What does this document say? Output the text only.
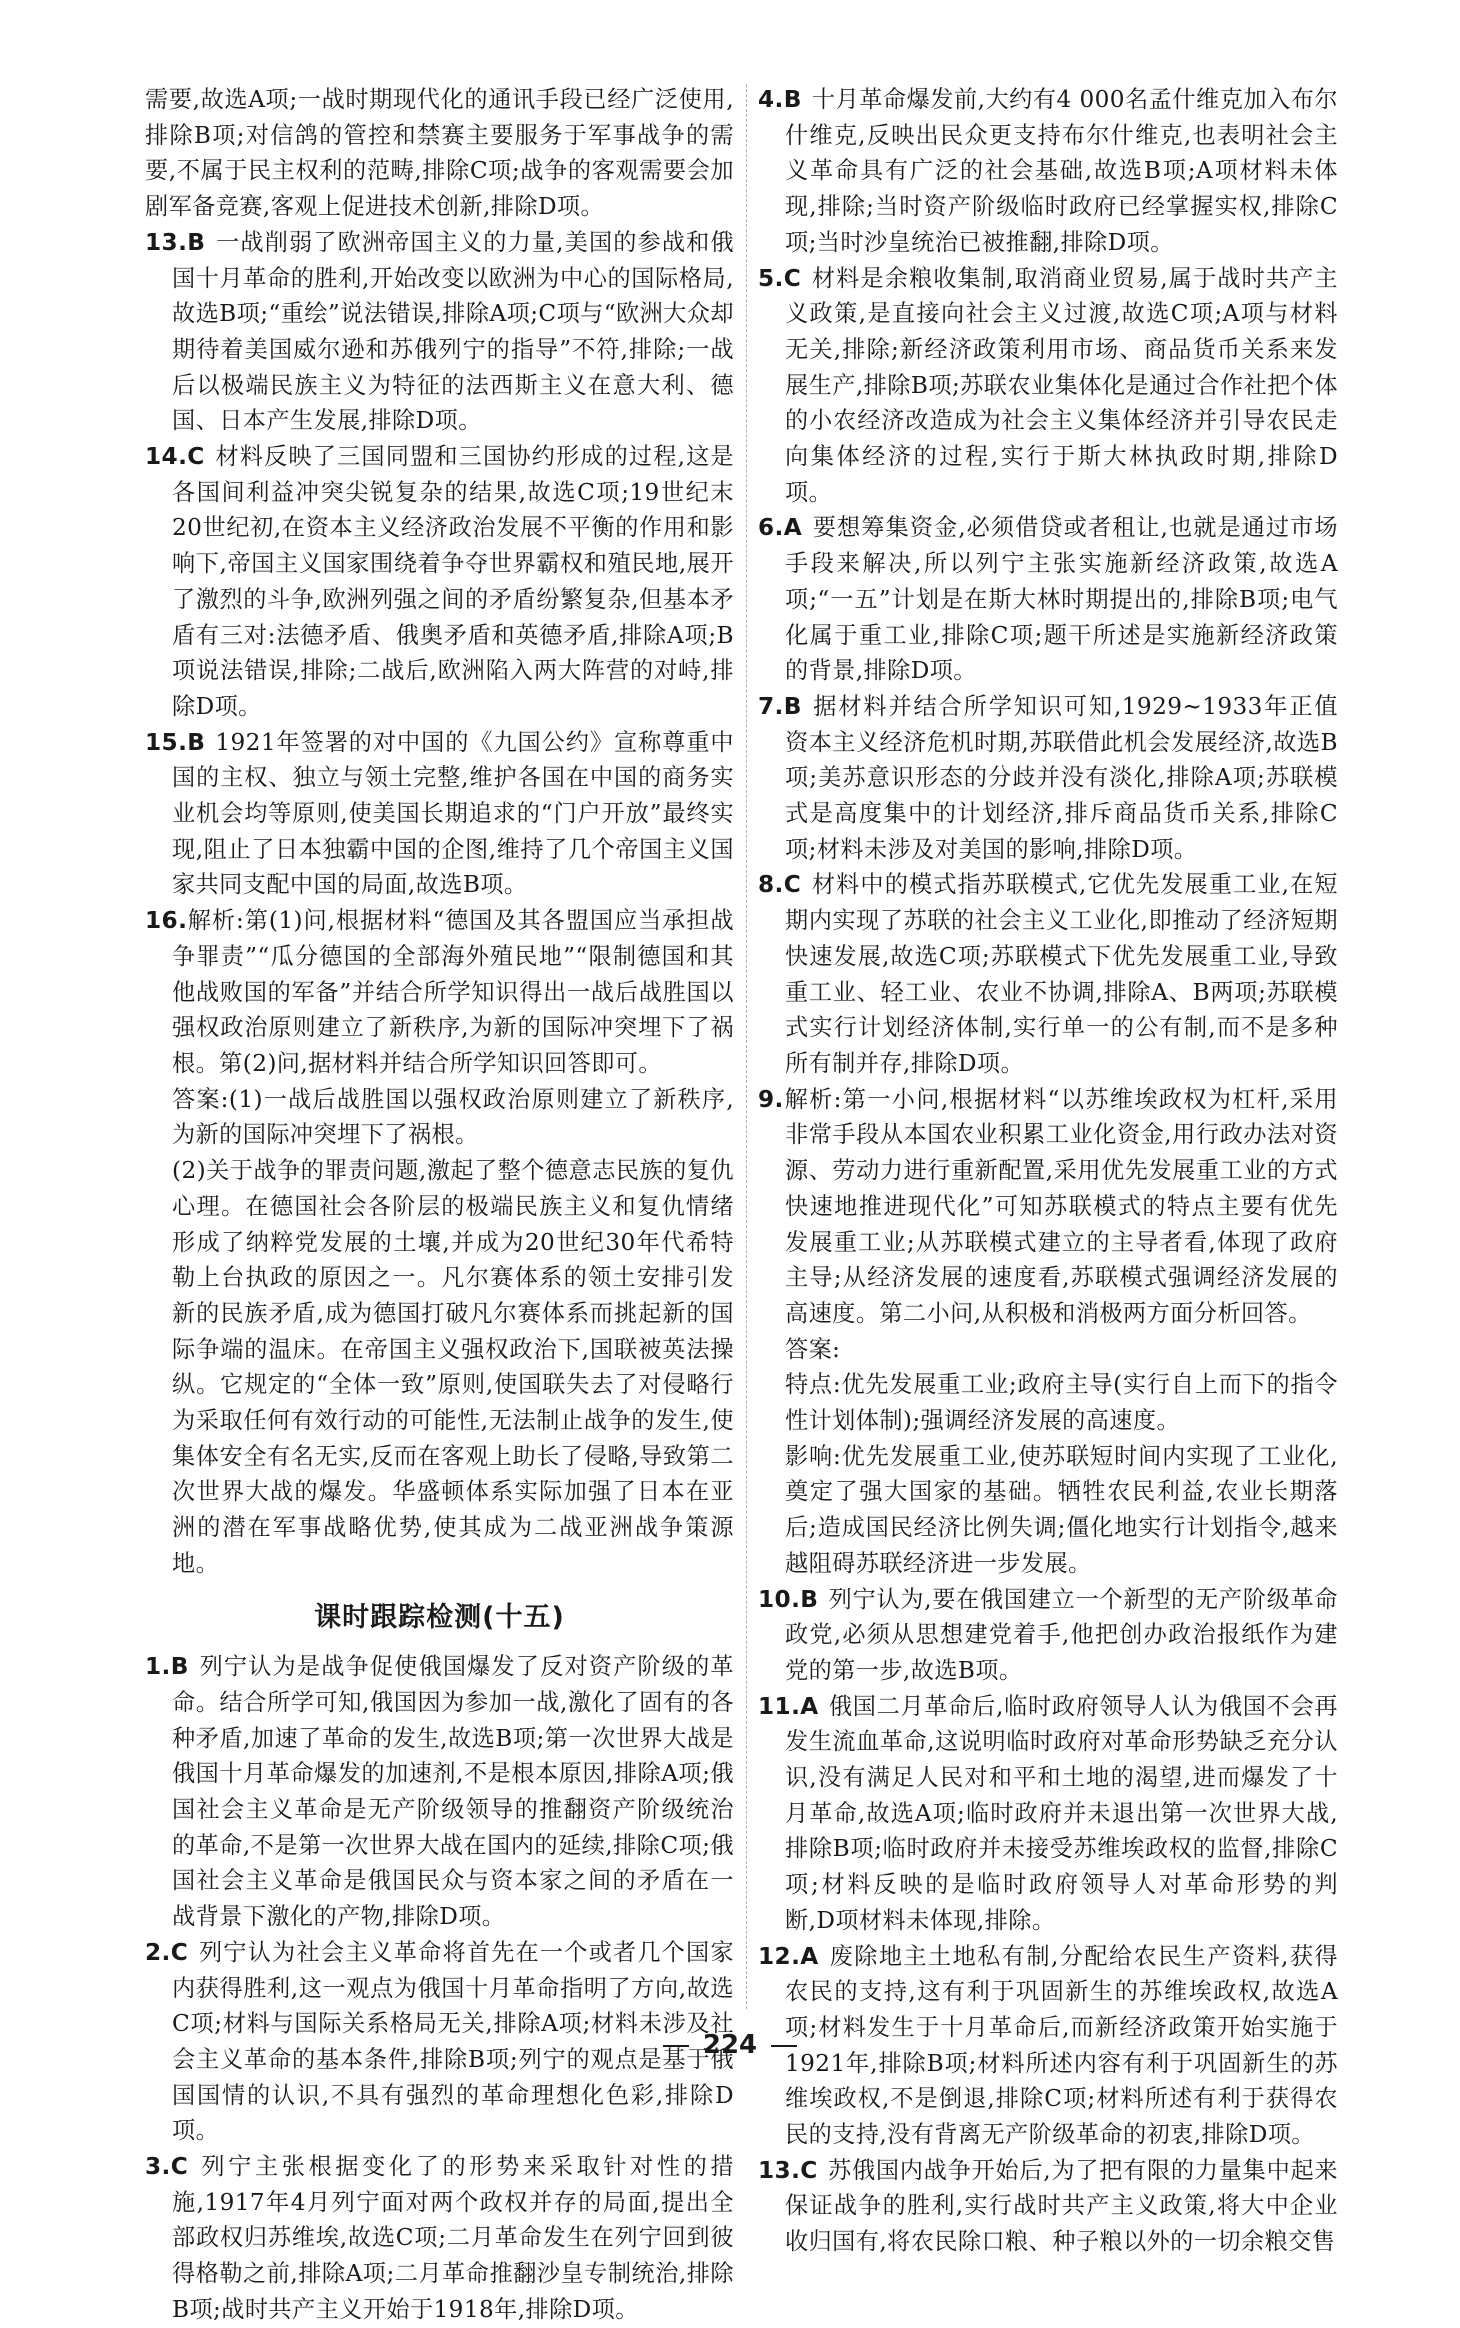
需要,故选A项;一战时期现代化的通讯手段已经广泛使用,排除B项;对信鸽的管控和禁赛主要服务于军事战争的需要,不属于民主权利的范畴,排除C项;战争的客观需要会加剧军备竞赛,客观上促进技术创新,排除D项。

13.B 一战削弱了欧洲帝国主义的力量,美国的参战和俄国十月革命的胜利,开始改变以欧洲为中心的国际格局,故选B项;“重绘”说法错误,排除A项;C项与“欧洲大众却期待着美国威尔逊和苏俄列宁的指导”不符,排除;一战后以极端民族主义为特征的法西斯主义在意大利、德国、日本产生发展,排除D项。

14.C 材料反映了三国同盟和三国协约形成的过程,这是各国间利益冲突尖锐复杂的结果,故选C项;19世纪末20世纪初,在资本主义经济政治发展不平衡的作用和影响下,帝国主义国家围绕着争夺世界霸权和殖民地,展开了激烈的斗争,欧洲列强之间的矛盾纷繁复杂,但基本矛盾有三对:法德矛盾、俄奥矛盾和英德矛盾,排除A项;B项说法错误,排除;二战后,欧洲陷入两大阵营的对峙,排除D项。

15.B 1921年签署的对中国的《九国公约》宣称尊重中国的主权、独立与领土完整,维护各国在中国的商务实业机会均等原则,使美国长期追求的“门户开放”最终实现,阻止了日本独霸中国的企图,维持了几个帝国主义国家共同支配中国的局面,故选B项。

16.解析:第(1)问,根据材料“德国及其各盟国应当承担战争罪责”“瓜分德国的全部海外殖民地”“限制德国和其他战败国的军备”并结合所学知识得出一战后战胜国以强权政治原则建立了新秩序,为新的国际冲突埋下了祸根。第(2)问,据材料并结合所学知识回答即可。

答案:(1)一战后战胜国以强权政治原则建立了新秩序,为新的国际冲突埋下了祸根。

(2)关于战争的罪责问题,激起了整个德意志民族的复仇心理。在德国社会各阶层的极端民族主义和复仇情绪形成了纳粹党发展的土壤,并成为20世纪30年代希特勒上台执政的原因之一。凡尔赛体系的领土安排引发新的民族矛盾,成为德国打破凡尔赛体系而挑起新的国际争端的温床。在帝国主义强权政治下,国联被英法操纵。它规定的“全体一致”原则,使国联失去了对侵略行为采取任何有效行动的可能性,无法制止战争的发生,使集体安全有名无实,反而在客观上助长了侵略,导致第二次世界大战的爆发。华盛顿体系实际加强了日本在亚洲的潜在军事战略优势,使其成为二战亚洲战争策源地。

课时跟踪检测(十五)

1.B 列宁认为是战争促使俄国爆发了反对资产阶级的革命。结合所学可知,俄国因为参加一战,激化了固有的各种矛盾,加速了革命的发生,故选B项;第一次世界大战是俄国十月革命爆发的加速剂,不是根本原因,排除A项;俄国社会主义革命是无产阶级领导的推翻资产阶级统治的革命,不是第一次世界大战在国内的延续,排除C项;俄国社会主义革命是俄国民众与资本家之间的矛盾在一战背景下激化的产物,排除D项。

2.C 列宁认为社会主义革命将首先在一个或者几个国家内获得胜利,这一观点为俄国十月革命指明了方向,故选C项;材料与国际关系格局无关,排除A项;材料未涉及社会主义革命的基本条件,排除B项;列宁的观点是基于俄国国情的认识,不具有强烈的革命理想化色彩,排除D项。

3.C 列宁主张根据变化了的形势来采取针对性的措施,1917年4月列宁面对两个政权并存的局面,提出全部政权归苏维埃,故选C项;二月革命发生在列宁回到彼得格勒之前,排除A项;二月革命推翻沙皇专制统治,排除B项;战时共产主义开始于1918年,排除D项。

4.B 十月革命爆发前,大约有4 000名孟什维克加入布尔什维克,反映出民众更支持布尔什维克,也表明社会主义革命具有广泛的社会基础,故选B项;A项材料未体现,排除;当时资产阶级临时政府已经掌握实权,排除C项;当时沙皇统治已被推翻,排除D项。

5.C 材料是余粮收集制,取消商业贸易,属于战时共产主义政策,是直接向社会主义过渡,故选C项;A项与材料无关,排除;新经济政策利用市场、商品货币关系来发展生产,排除B项;苏联农业集体化是通过合作社把个体的小农经济改造成为社会主义集体经济并引导农民走向集体经济的过程,实行于斯大林执政时期,排除D项。

6.A 要想筹集资金,必须借贷或者租让,也就是通过市场手段来解决,所以列宁主张实施新经济政策,故选A项;“一五”计划是在斯大林时期提出的,排除B项;电气化属于重工业,排除C项;题干所述是实施新经济政策的背景,排除D项。

7.B 据材料并结合所学知识可知,1929~1933年正值资本主义经济危机时期,苏联借此机会发展经济,故选B项;美苏意识形态的分歧并没有淡化,排除A项;苏联模式是高度集中的计划经济,排斥商品货币关系,排除C项;材料未涉及对美国的影响,排除D项。

8.C 材料中的模式指苏联模式,它优先发展重工业,在短期内实现了苏联的社会主义工业化,即推动了经济短期快速发展,故选C项;苏联模式下优先发展重工业,导致重工业、轻工业、农业不协调,排除A、B两项;苏联模式实行计划经济体制,实行单一的公有制,而不是多种所有制并存,排除D项。

9.解析:第一小问,根据材料“以苏维埃政权为杠杆,采用非常手段从本国农业积累工业化资金,用行政办法对资源、劳动力进行重新配置,采用优先发展重工业的方式快速地推进现代化”可知苏联模式的特点主要有优先发展重工业;从苏联模式建立的主导者看,体现了政府主导;从经济发展的速度看,苏联模式强调经济发展的高速度。第二小问,从积极和消极两方面分析回答。

答案:

特点:优先发展重工业;政府主导(实行自上而下的指令性计划体制);强调经济发展的高速度。

影响:优先发展重工业,使苏联短时间内实现了工业化,奠定了强大国家的基础。牺牲农民利益,农业长期落后;造成国民经济比例失调;僵化地实行计划指令,越来越阻碍苏联经济进一步发展。

10.B 列宁认为,要在俄国建立一个新型的无产阶级革命政党,必须从思想建党着手,他把创办政治报纸作为建党的第一步,故选B项。

11.A 俄国二月革命后,临时政府领导人认为俄国不会再发生流血革命,这说明临时政府对革命形势缺乏充分认识,没有满足人民对和平和土地的渴望,进而爆发了十月革命,故选A项;临时政府并未退出第一次世界大战,排除B项;临时政府并未接受苏维埃政权的监督,排除C项;材料反映的是临时政府领导人对革命形势的判断,D项材料未体现,排除。

12.A 废除地主土地私有制,分配给农民生产资料,获得农民的支持,这有利于巩固新生的苏维埃政权,故选A项;材料发生于十月革命后,而新经济政策开始实施于1921年,排除B项;材料所述内容有利于巩固新生的苏维埃政权,不是倒退,排除C项;材料所述有利于获得农民的支持,没有背离无产阶级革命的初衷,排除D项。

13.C 苏俄国内战争开始后,为了把有限的力量集中起来保证战争的胜利,实行战时共产主义政策,将大中企业收归国有,将农民除口粮、种子粮以外的一切余粮交售

224
